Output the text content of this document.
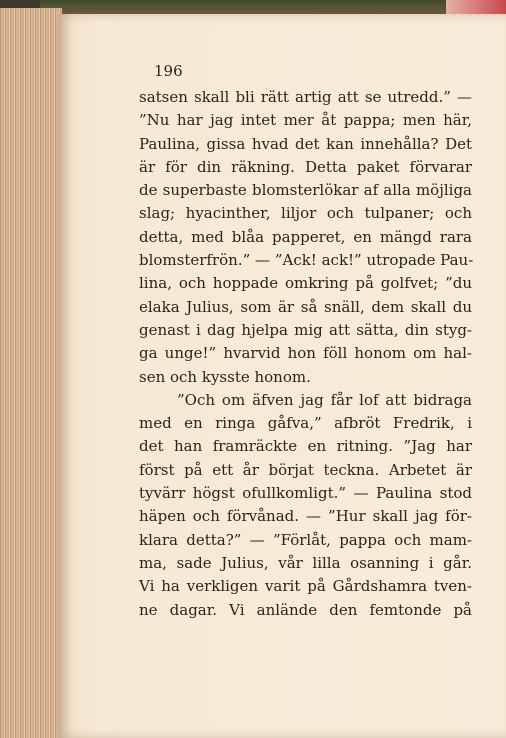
196
satsen skall bli rätt artig att se utredd.” —
”Nu har jag intet mer åt pappa; men här,
Paulina, gissa hvad det kan innehålla? Det
är för din räkning. Detta paket förvarar
de superbaste blomsterlökar af alla möjliga
slag; hyacinther, liljor och tulpaner; och
detta, med blåa papperet, en mängd rara
blomsterfrön.” — ”Ack! ack!” utropade Pau-
lina, och hoppade omkring på golfvet; ”du
elaka Julius, som är så snäll, dem skall du
genast i dag hjelpa mig att sätta, din styg-
ga unge!” hvarvid hon föll honom om hal-
sen och kysste honom.
”Och om äfven jag får lof att bidraga
med en ringa gåfva,” afbröt Fredrik, i
det han framräckte en ritning. ”Jag har
först på ett år börjat teckna. Arbetet är
tyvärr högst ofullkomligt.” — Paulina stod
häpen och förvånad. — ”Hur skall jag för-
klara detta?” — ”Förlåt, pappa och mam-
ma, sade Julius, vår lilla osanning i går.
Vi ha verkligen varit på Gårdshamra tven-
ne dagar. Vi anlände den femtonde på
